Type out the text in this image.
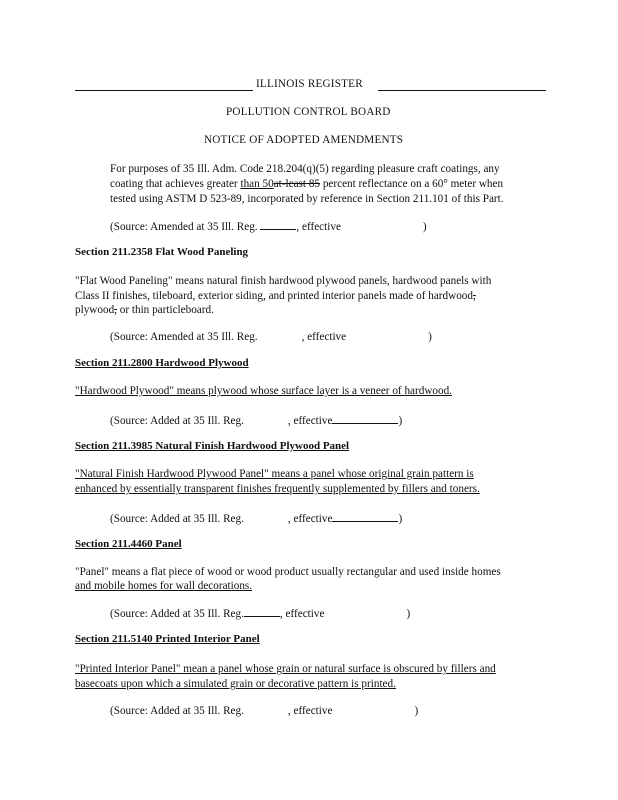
ILLINOIS REGISTER
POLLUTION CONTROL BOARD
NOTICE OF ADOPTED AMENDMENTS
For purposes of 35 Ill. Adm. Code 218.204(q)(5) regarding pleasure craft coatings, any
coating that achieves greater than 50at-least 85 percent reflectance on a 60° meter when
tested using ASTM D 523-89, incorporated by reference in Section 211.101 of this Part.
(Source: Amended at 35 Ill. Reg.	, effective	)
Section 211.2358 Flat Wood Paneling
"Flat Wood Paneling" means natural finish hardwood plywood panels, hardwood panels with
Class II finishes, tileboard, exterior siding, and printed interior panels made of hardwood,
plywood, or thin particleboard.
(Source: Amended at 35 Ill. Reg.	, effective	)
Section 211.2800 Hardwood Plywood
"Hardwood Plywood" means plywood whose surface layer is a veneer of hardwood.
(Source: Added at 35 Ill. Reg.	, effective	)
Section 211.3985 Natural Finish Hardwood Plywood Panel
"Natural Finish Hardwood Plywood Panel" means a panel whose original grain pattern is
enhanced by essentially transparent finishes frequently supplemented by fillers and toners.
(Source: Added at 35 Ill. Reg.	, effective	)
Section 211.4460 Panel
"Panel" means a flat piece of wood or wood product usually rectangular and used inside homes
and mobile homes for wall decorations.
(Source: Added at 35 Ill. Reg.	, effective	)
Section 211.5140 Printed Interior Panel
"Printed Interior Panel" mean a panel whose grain or natural surface is obscured by fillers and
basecoats upon which a simulated grain or decorative pattern is printed.
(Source: Added at 35 Ill. Reg.	, effective	)
